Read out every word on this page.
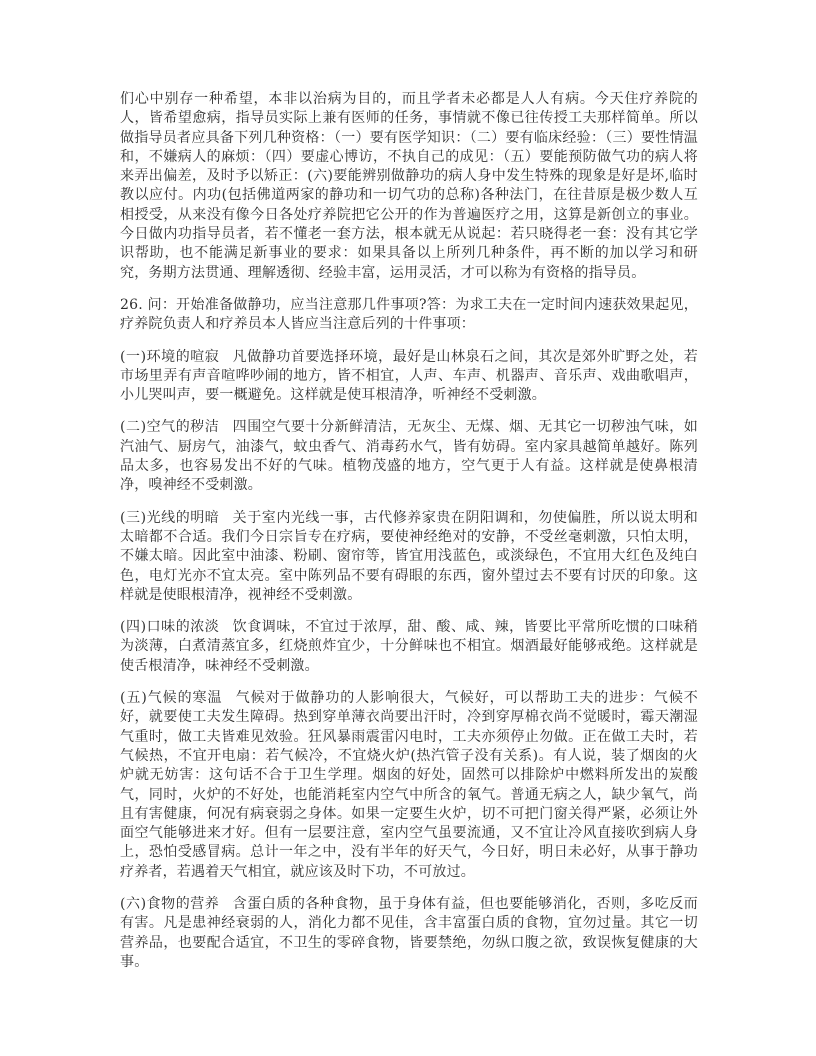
们心中别存一种希望，本非以治病为目的，而且学者未必都是人人有病。今天住疗养院的人，皆希望愈病，指导员实际上兼有医师的任务，事情就不像已往传授工夫那样简单。所以做指导员者应具备下列几种资格：（一）要有医学知识：（二）要有临床经验：（三）要性情温和，不嫌病人的麻烦：（四）要虚心博访，不执自己的成见：（五）要能预防做气功的病人将来弄出偏差，及时予以矫正：(六)要能辨别做静功的病人身中发生特殊的现象是好是坏,临时教以应付。内功(包括佛道两家的静功和一切气功的总称)各种法门，在往昔原是极少数人互相授受，从来没有像今日各处疗养院把它公开的作为普遍医疗之用，这算是新创立的事业。今日做内功指导员者，若不懂老一套方法，根本就无从说起：若只晓得老一套：没有其它学识帮助，也不能满足新事业的要求：如果具备以上所列几种条件，再不断的加以学习和研究，务期方法贯通、理解透彻、经验丰富，运用灵活，才可以称为有资格的指导员。

26. 问：开始准备做静功，应当注意那几件事项?答：为求工夫在一定时间内速获效果起见，疗养院负责人和疗养员本人皆应当注意后列的十件事项：

(一)环境的喧寂 凡做静功首要选择环境，最好是山林泉石之间，其次是郊外旷野之处，若市场里弄有声音喧哗吵闹的地方，皆不相宜，人声、车声、机器声、音乐声、戏曲歌唱声，小儿哭叫声，要一概避免。这样就是使耳根清净，听神经不受刺激。

(二)空气的秽洁 四围空气要十分新鲜清洁，无灰尘、无煤、烟、无其它一切秽浊气味，如汽油气、厨房气，油漆气，蚊虫香气、消毒药水气，皆有妨碍。室内家具越简单越好。陈列品太多，也容易发出不好的气味。植物茂盛的地方，空气更于人有益。这样就是使鼻根清净，嗅神经不受刺激。

(三)光线的明暗 关于室内光线一事，古代修养家贵在阴阳调和，勿使偏胜，所以说太明和太暗都不合适。我们今日宗旨专在疗病，要使神经绝对的安静，不受丝毫刺激，只怕太明，不嫌太暗。因此室中油漆、粉刷、窗帘等，皆宜用浅蓝色，或淡绿色，不宜用大红色及纯白色，电灯光亦不宜太亮。室中陈列品不要有碍眼的东西，窗外望过去不要有讨厌的印象。这样就是使眼根清净，视神经不受刺激。

(四)口味的浓淡 饮食调味，不宜过于浓厚，甜、酸、咸、辣，皆要比平常所吃惯的口味稍为淡薄，白煮清蒸宜多，红烧煎炸宜少，十分鲜味也不相宜。烟酒最好能够戒绝。这样就是使舌根清净，味神经不受刺激。

(五)气候的寒温 气候对于做静功的人影响很大，气候好，可以帮助工夫的进步：气候不好，就要使工夫发生障碍。热到穿单薄衣尚要出汗时，冷到穿厚棉衣尚不觉暖时，霉天潮湿气重时，做工夫皆难见效验。狂风暴雨震雷闪电时，工夫亦须停止勿做。正在做工夫时，若气候热，不宜开电扇：若气候冷，不宜烧火炉(热汽管子没有关系)。有人说，装了烟囱的火炉就无妨害：这句话不合于卫生学理。烟囱的好处，固然可以排除炉中燃料所发出的炭酸气，同时，火炉的不好处，也能消耗室内空气中所含的氧气。普通无病之人，缺少氧气，尚且有害健康，何况有病衰弱之身体。如果一定要生火炉，切不可把门窗关得严紧，必须让外面空气能够进来才好。但有一层要注意，室内空气虽要流通，又不宜让冷风直接吹到病人身上，恐怕受感冒病。总计一年之中，没有半年的好天气，今日好，明日未必好，从事于静功疗养者，若遇着天气相宜，就应该及时下功，不可放过。

(六)食物的营养 含蛋白质的各种食物，虽于身体有益，但也要能够消化，否则，多吃反而有害。凡是患神经衰弱的人，消化力都不见佳，含丰富蛋白质的食物，宜勿过量。其它一切营养品，也要配合适宜，不卫生的零碎食物，皆要禁绝，勿纵口腹之欲，致误恢复健康的大事。
